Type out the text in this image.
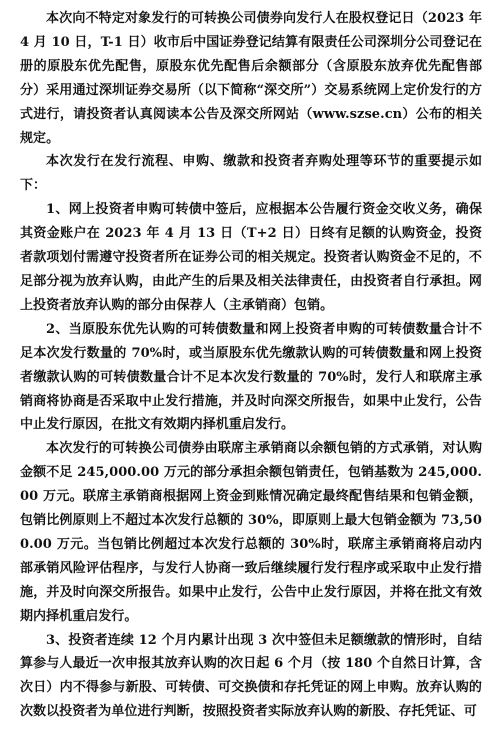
本次向不特定对象发行的可转换公司债券向发行人在股权登记日（2023 年 4 月 10 日，T-1 日）收市后中国证券登记结算有限责任公司深圳分公司登记在册的原股东优先配售，原股东优先配售后余额部分（含原股东放弃优先配售部分）采用通过深圳证券交易所（以下简称“深交所”）交易系统网上定价发行的方式进行，请投资者认真阅读本公告及深交所网站（www.szse.cn）公布的相关规定。

本次发行在发行流程、申购、缴款和投资者弃购处理等环节的重要提示如下：

1、网上投资者申购可转债中签后，应根据本公告履行资金交收义务，确保其资金账户在 2023 年 4 月 13 日（T+2 日）日终有足额的认购资金，投资者款项划付需遵守投资者所在证券公司的相关规定。投资者认购资金不足的，不足部分视为放弃认购，由此产生的后果及相关法律责任，由投资者自行承担。网上投资者放弃认购的部分由保荐人（主承销商）包销。

2、当原股东优先认购的可转债数量和网上投资者申购的可转债数量合计不足本次发行数量的 70%时，或当原股东优先缴款认购的可转债数量和网上投资者缴款认购的可转债数量合计不足本次发行数量的 70%时，发行人和联席主承销商将协商是否采取中止发行措施，并及时向深交所报告，如果中止发行，公告中止发行原因，在批文有效期内择机重启发行。

本次发行的可转换公司债券由联席主承销商以余额包销的方式承销，对认购金额不足 245,000.00 万元的部分承担余额包销责任，包销基数为 245,000.00 万元。联席主承销商根据网上资金到账情况确定最终配售结果和包销金额，包销比例原则上不超过本次发行总额的 30%，即原则上最大包销金额为 73,500.00 万元。当包销比例超过本次发行总额的 30%时，联席主承销商将启动内部承销风险评估程序，与发行人协商一致后继续履行发行程序或采取中止发行措施，并及时向深交所报告。如果中止发行，公告中止发行原因，并将在批文有效期内择机重启发行。

3、投资者连续 12 个月内累计出现 3 次中签但未足额缴款的情形时，自结算参与人最近一次申报其放弃认购的次日起 6 个月（按 180 个自然日计算，含次日）内不得参与新股、可转债、可交换债和存托凭证的网上申购。放弃认购的次数以投资者为单位进行判断，按照投资者实际放弃认购的新股、存托凭证、可
